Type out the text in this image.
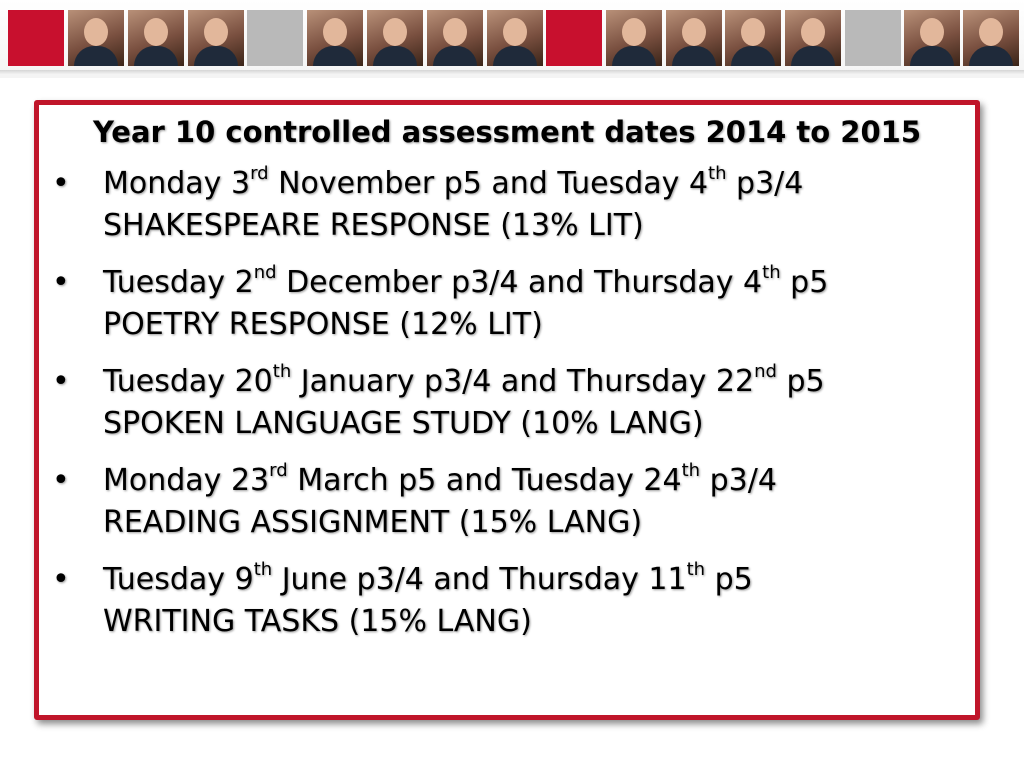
Year 10 controlled assessment dates 2014 to 2015
• Monday 3rd November p5 and Tuesday 4th p3/4
SHAKESPEARE RESPONSE (13% LIT)
• Tuesday 2nd December p3/4 and Thursday 4th p5
POETRY RESPONSE (12% LIT)
• Tuesday 20th January p3/4 and Thursday 22nd p5
SPOKEN LANGUAGE STUDY (10% LANG)
• Monday 23rd March p5 and Tuesday 24th p3/4
READING ASSIGNMENT (15% LANG)
• Tuesday 9th June p3/4 and Thursday 11th p5
WRITING TASKS (15% LANG)
